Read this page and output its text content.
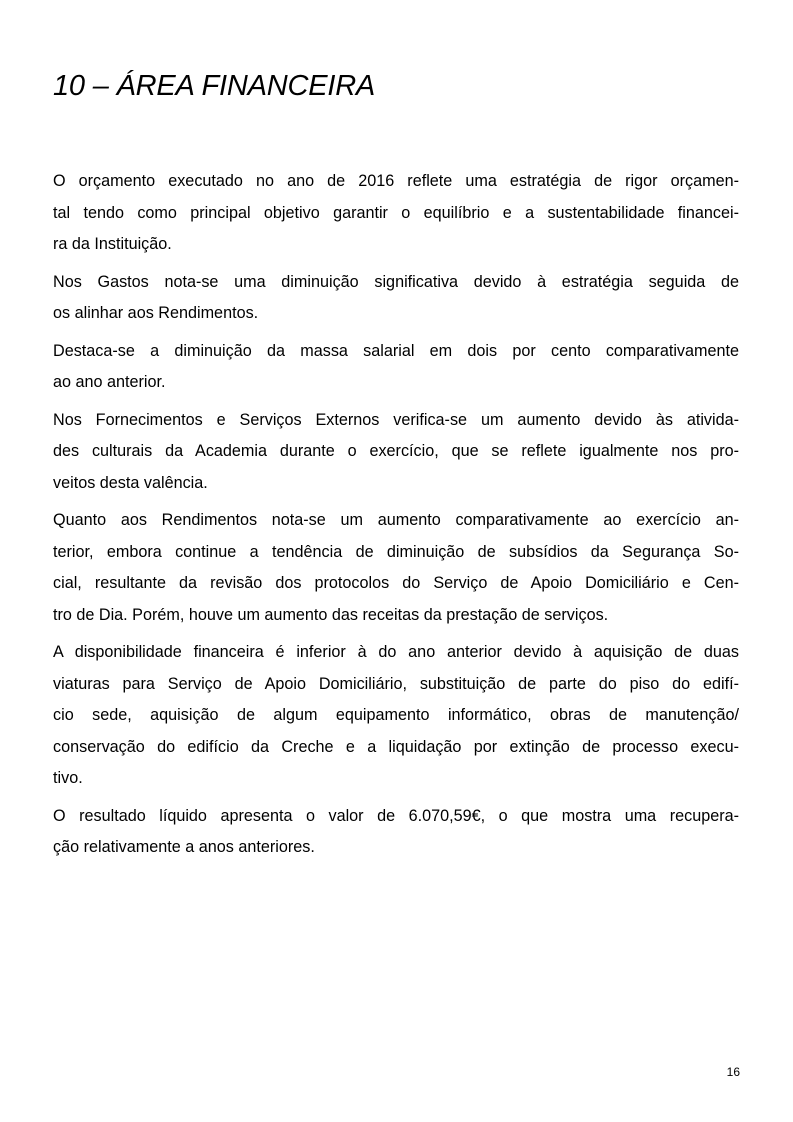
10 – ÁREA FINANCEIRA
O orçamento executado no ano de 2016 reflete uma estratégia de rigor orçamen-
tal tendo como principal objetivo garantir o equilíbrio e a sustentabilidade financei-
ra da Instituição.
Nos Gastos nota-se uma diminuição significativa devido à estratégia seguida de
os alinhar aos Rendimentos.
Destaca-se a diminuição da massa salarial em dois por cento comparativamente
ao ano anterior.
Nos Fornecimentos e Serviços Externos verifica-se um aumento devido às ativida-
des culturais da Academia durante o exercício, que se reflete igualmente nos pro-
veitos desta valência.
Quanto aos Rendimentos nota-se um aumento comparativamente ao exercício an-
terior, embora continue a tendência de diminuição de subsídios da Segurança So-
cial, resultante da revisão dos protocolos do Serviço de Apoio Domiciliário e Cen-
tro de Dia. Porém, houve um aumento das receitas da prestação de serviços.
A disponibilidade financeira é inferior à do ano anterior devido à aquisição de duas
viaturas para Serviço de Apoio Domiciliário, substituição de parte do piso do edifí-
cio sede, aquisição de algum equipamento informático, obras de manutenção/
conservação do edifício da Creche e a liquidação por extinção de processo execu-
tivo.
O resultado líquido apresenta o valor de 6.070,59€, o que mostra uma recupera-
ção relativamente a anos anteriores.
16
